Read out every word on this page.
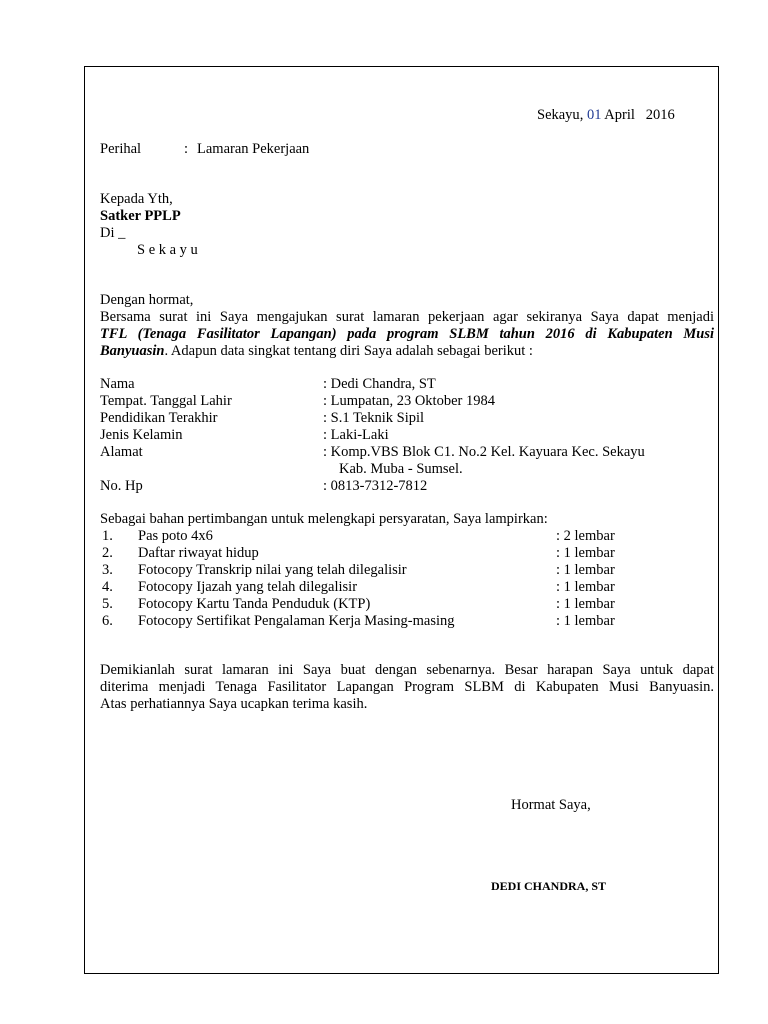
Sekayu, 01 April 2016
Perihal	: Lamaran Pekerjaan
Kepada Yth,
Satker PPLP
Di _
S e k a y u
Dengan hormat,
Bersama surat ini Saya mengajukan surat lamaran pekerjaan agar sekiranya Saya dapat menjadi
TFL (Tenaga Fasilitator Lapangan) pada program SLBM tahun 2016 di Kabupaten Musi
Banyuasin. Adapun data singkat tentang diri Saya adalah sebagai berikut :
Nama	: Dedi Chandra, ST
Tempat. Tanggal Lahir	: Lumpatan, 23 Oktober 1984
Pendidikan Terakhir	: S.1 Teknik Sipil
Jenis Kelamin	: Laki-Laki
Alamat	: Komp.VBS Blok C1. No.2 Kel. Kayuara Kec. Sekayu
Kab. Muba - Sumsel.
No. Hp	: 0813-7312-7812
Sebagai bahan pertimbangan untuk melengkapi persyaratan, Saya lampirkan:
1. Pas poto 4x6	: 2 lembar
2. Daftar riwayat hidup	: 1 lembar
3. Fotocopy Transkrip nilai yang telah dilegalisir	: 1 lembar
4. Fotocopy Ijazah yang telah dilegalisir	: 1 lembar
5. Fotocopy Kartu Tanda Penduduk (KTP)	: 1 lembar
6. Fotocopy Sertifikat Pengalaman Kerja Masing-masing	: 1 lembar
Demikianlah surat lamaran ini Saya buat dengan sebenarnya. Besar harapan Saya untuk dapat
diterima menjadi Tenaga Fasilitator Lapangan Program SLBM di Kabupaten Musi Banyuasin.
Atas perhatiannya Saya ucapkan terima kasih.
Hormat Saya,
DEDI CHANDRA, ST
